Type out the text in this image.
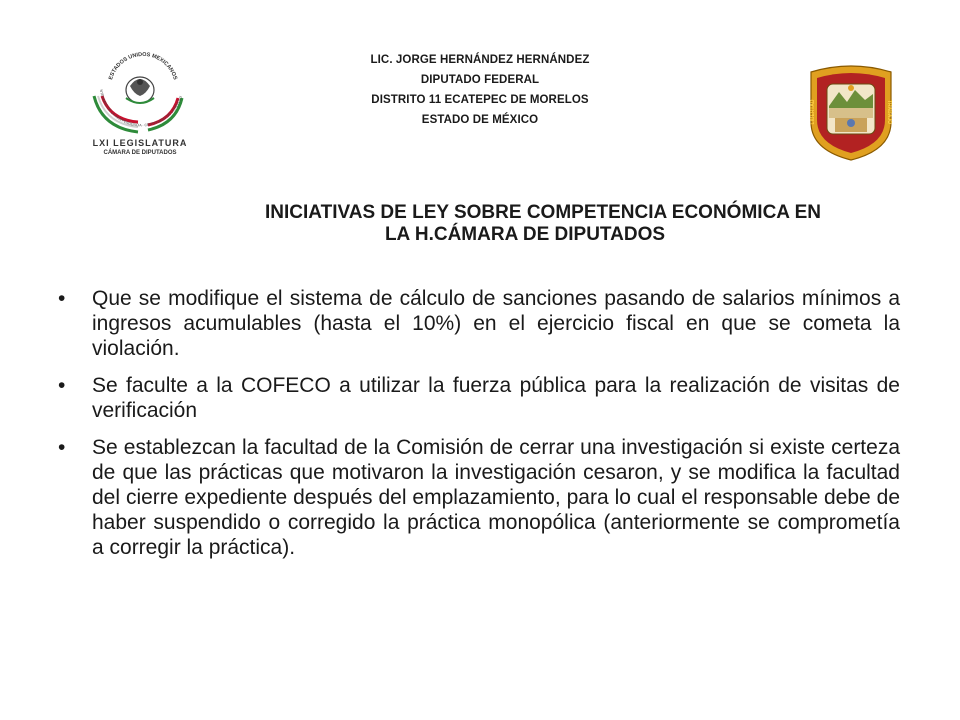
ESTADOS UNIDOS MEXICANOS
NTENARIO DE LA INDEPENDENCIA · CENTENARIO DE LA REVOLU
LXI LEGISLATURA
CÁMARA DE DIPUTADOS
LIC. JORGE HERNÁNDEZ HERNÁNDEZ
DIPUTADO FEDERAL
DISTRITO 11 ECATEPEC DE MORELOS
ESTADO DE MÉXICO	TRABAJO
LIBERTAD
INICIATIVAS DE LEY SOBRE COMPETENCIA ECONÓMICA EN
LA H.CÁMARA DE DIPUTADOS
• Que se modifique el sistema de cálculo de sanciones pasando de salarios mínimos a ingresos acumulables (hasta el 10%) en el ejercicio fiscal en que se cometa la violación.
• Se faculte a la COFECO a utilizar la fuerza pública para la realización de visitas de verificación
• Se establezcan la facultad de la Comisión de cerrar una investigación si existe certeza de que las prácticas que motivaron la investigación cesaron, y se modifica la facultad del cierre expediente después del emplazamiento, para lo cual el responsable debe de haber suspendido o corregido la práctica monopólica (anteriormente se comprometía a corregir la práctica).
